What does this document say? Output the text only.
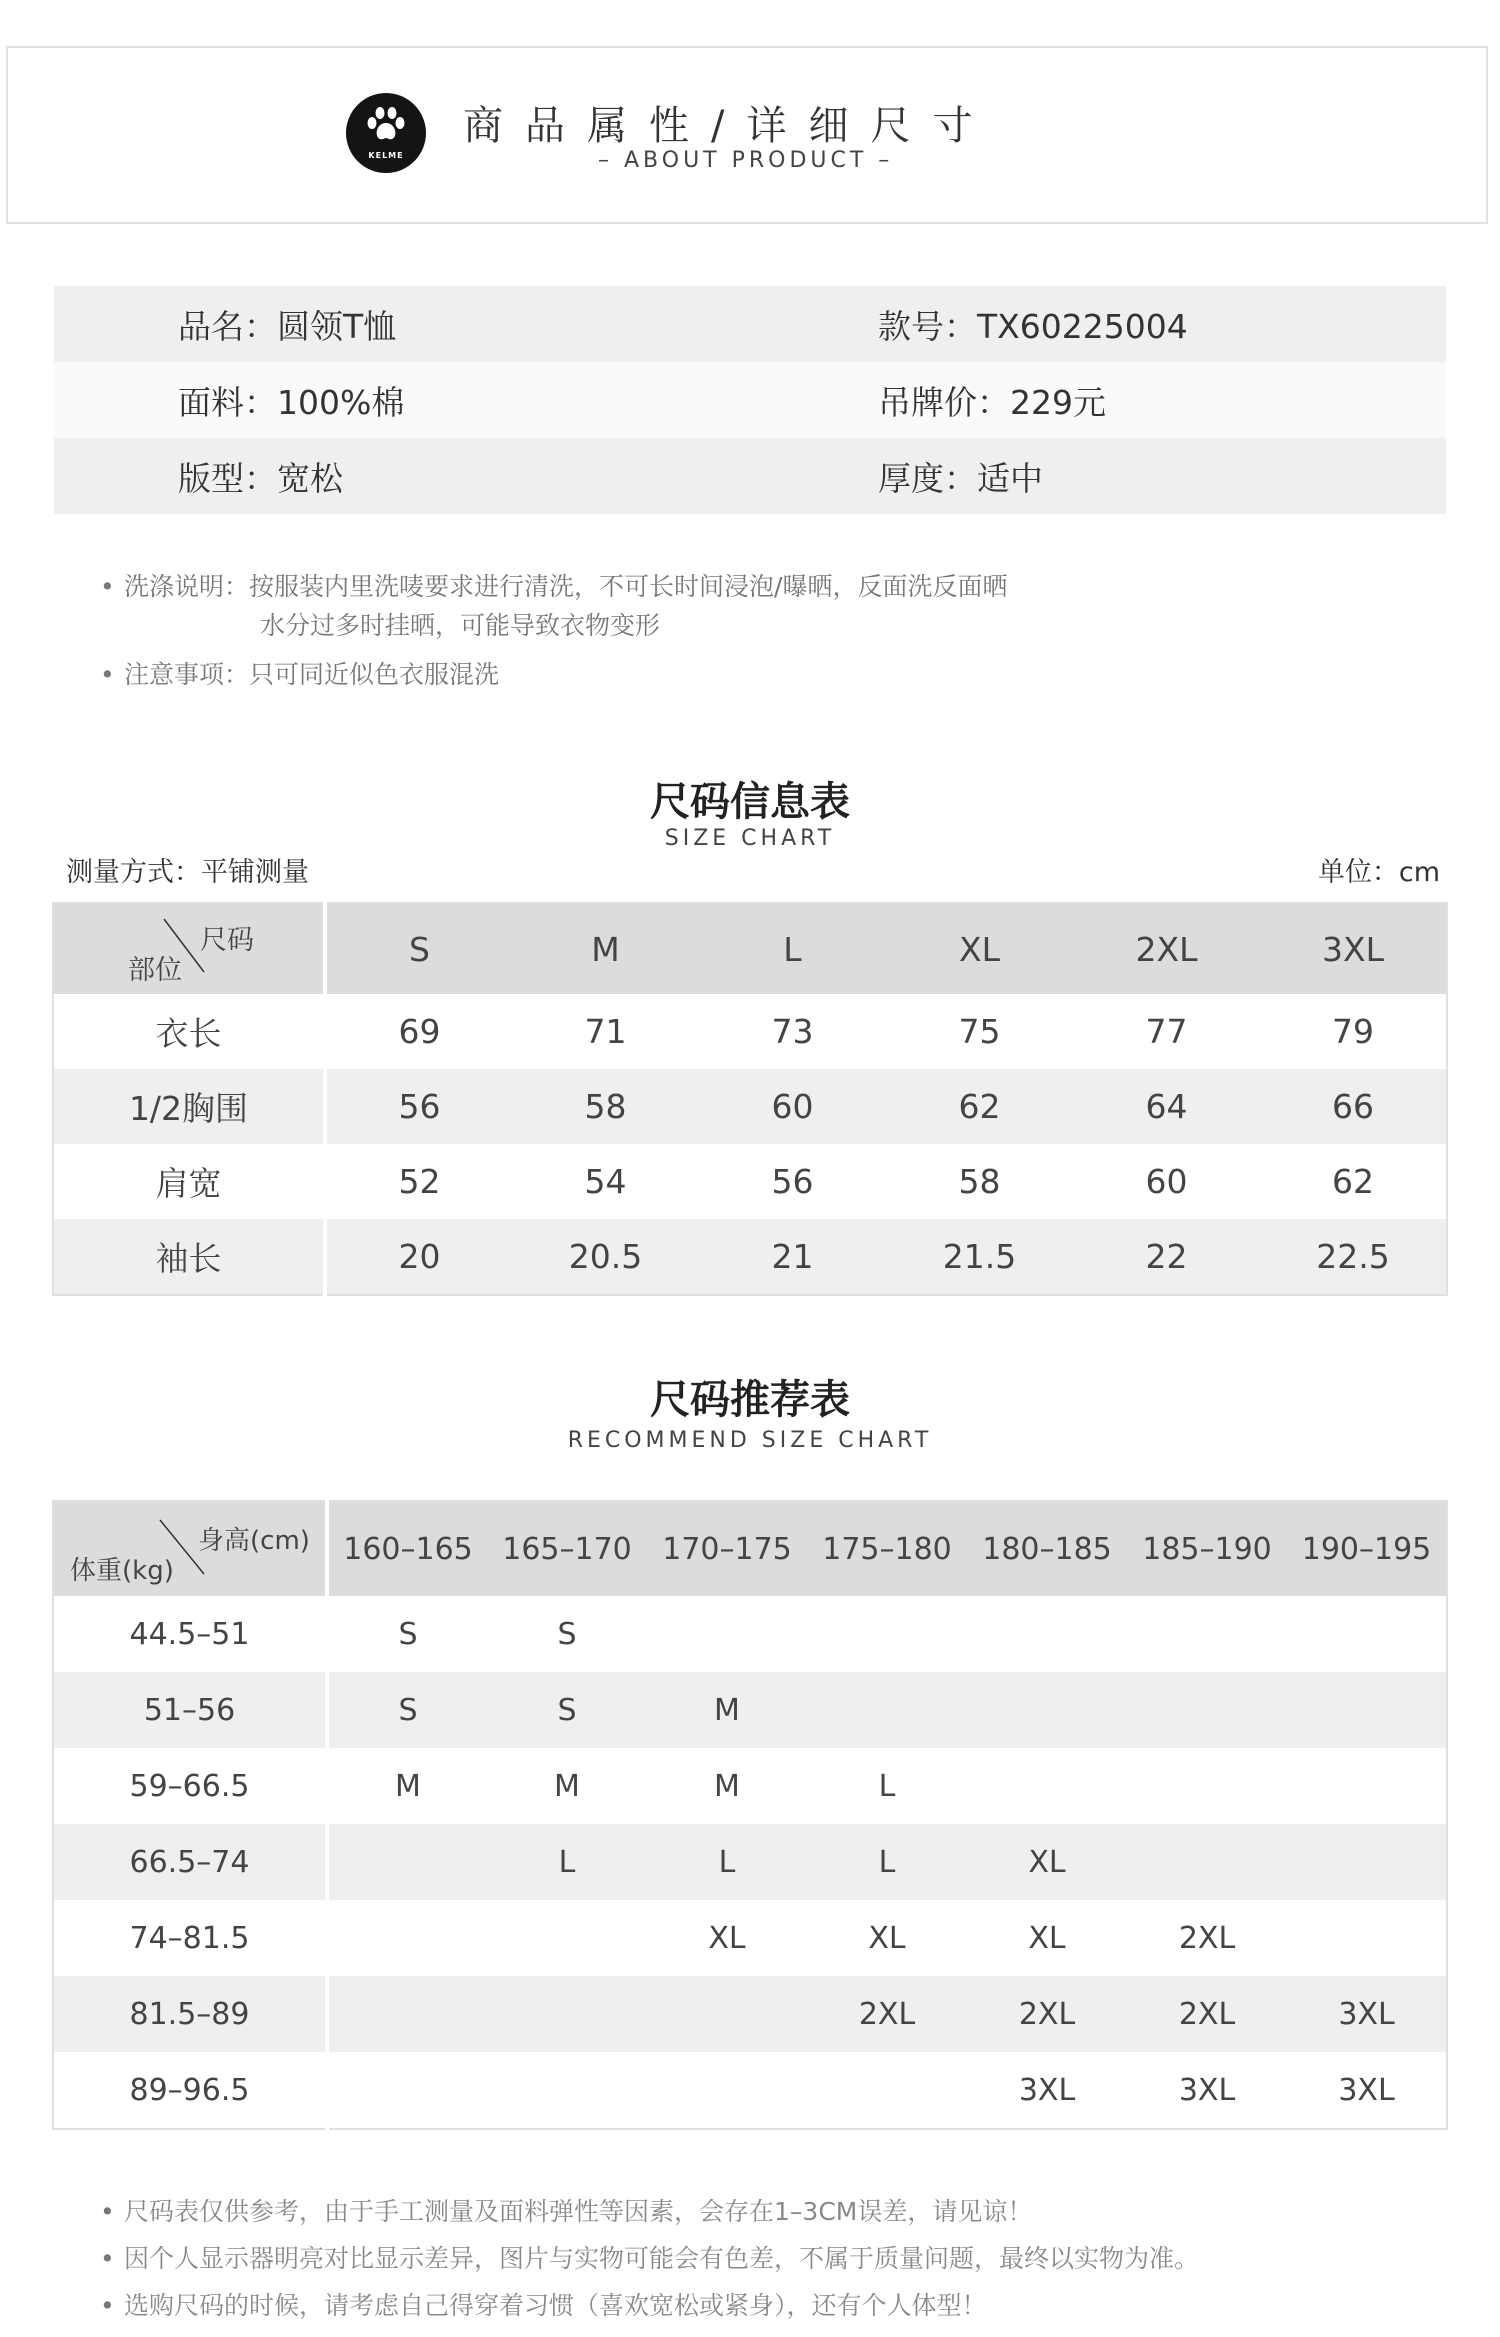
KELME
商品属性/详细尺寸
– ABOUT PRODUCT –
品名：圆领T恤	款号：TX60225004
面料：100%棉	吊牌价：229元
版型：宽松	厚度：适中
• 洗涤说明： 按服装内里洗唛要求进行清洗，不可长时间浸泡/曝晒，反面洗反面晒
水分过多时挂晒，可能导致衣物变形
• 注意事项： 只可同近似色衣服混洗
尺码信息表
SIZE CHART
测量方式：平铺测量	单位：cm
尺码
部位	S	M	L	XL	2XL	3XL
衣长	69	71	73	75	77	79
1/2胸围	56	58	60	62	64	66
肩宽	52	54	56	58	60	62
袖长	20	20.5	21	21.5	22	22.5
尺码推荐表
RECOMMEND SIZE CHART
身高(cm)
体重(kg)	160–165	165–170	170–175	175–180	180–185	185–190	190–195
44.5–51	S	S					
51–56	S	S	M				
59–66.5	M	M	M	L			
66.5–74		L	L	L	XL		
74–81.5			XL	XL	XL	2XL	
81.5–89				2XL	2XL	2XL	3XL
89–96.5					3XL	3XL	3XL
• 尺码表仅供参考，由于手工测量及面料弹性等因素，会存在1–3CM误差，请见谅！
• 因个人显示器明亮对比显示差异，图片与实物可能会有色差，不属于质量问题，最终以实物为准。
• 选购尺码的时候，请考虑自己得穿着习惯（喜欢宽松或紧身），还有个人体型！
